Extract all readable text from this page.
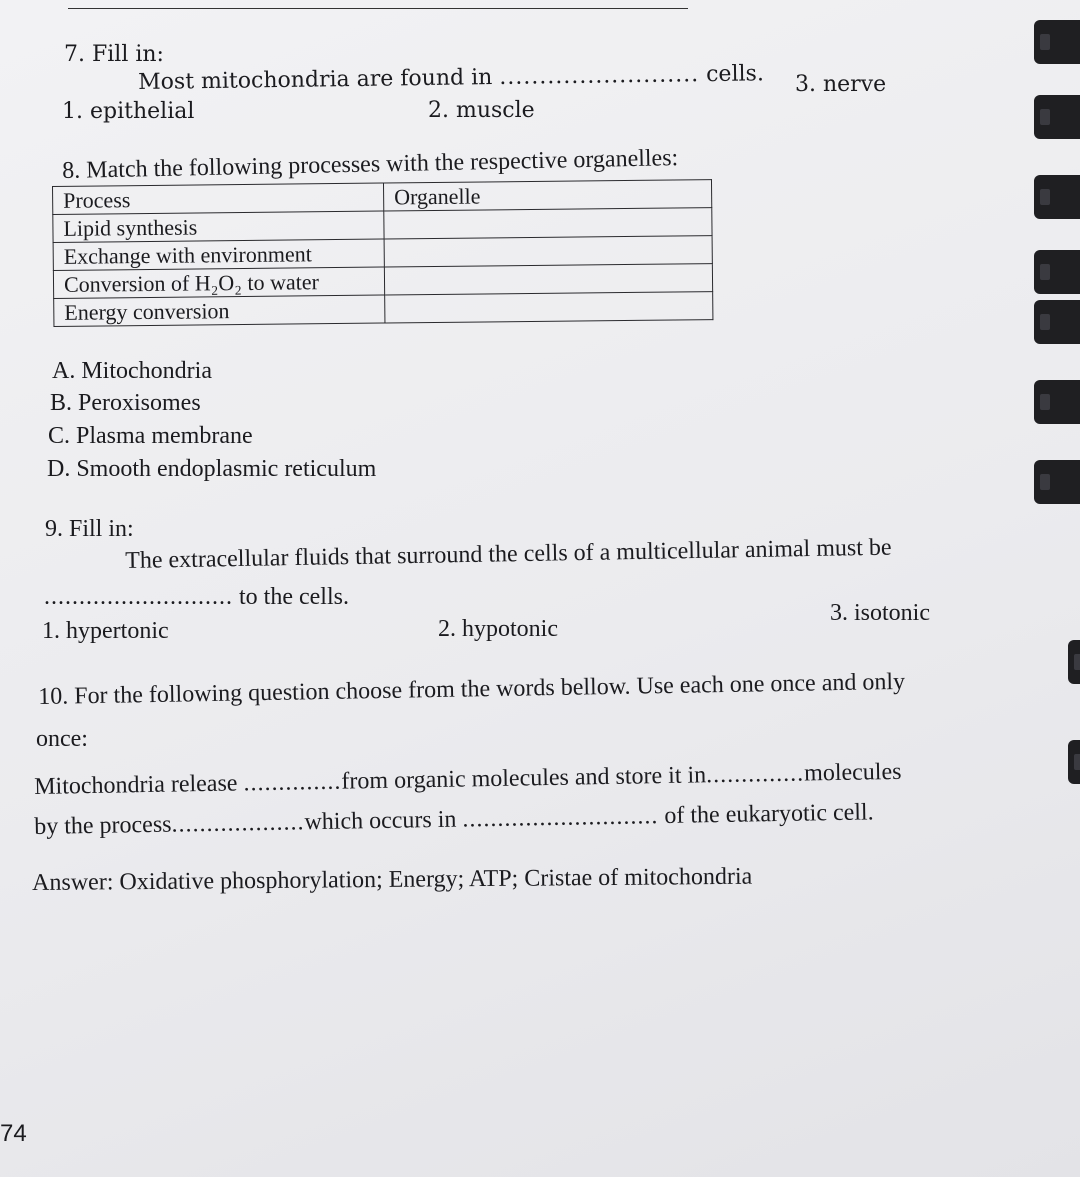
7. Fill in:
Most mitochondria are found in ......................... cells.
1. epithelial	2. muscle
3. nerve
8. Match the following processes with the respective organelles:
Process	Organelle
Lipid synthesis	
Exchange with environment	
Conversion of H₂O₂ to water	
Energy conversion	
A. Mitochondria
B. Peroxisomes
C. Plasma membrane
D. Smooth endoplasmic reticulum
9. Fill in:
The extracellular fluids that surround the cells of a multicellular animal must be
........................... to the cells.
1. hypertonic	2. hypotonic
3. isotonic
10. For the following question choose from the words bellow. Use each one once and only
once:
Mitochondria release ..............from organic molecules and store it in..............molecules
by the process...................which occurs in ............................ of the eukaryotic cell.
Answer: Oxidative phosphorylation; Energy; ATP; Cristae of mitochondria
74
